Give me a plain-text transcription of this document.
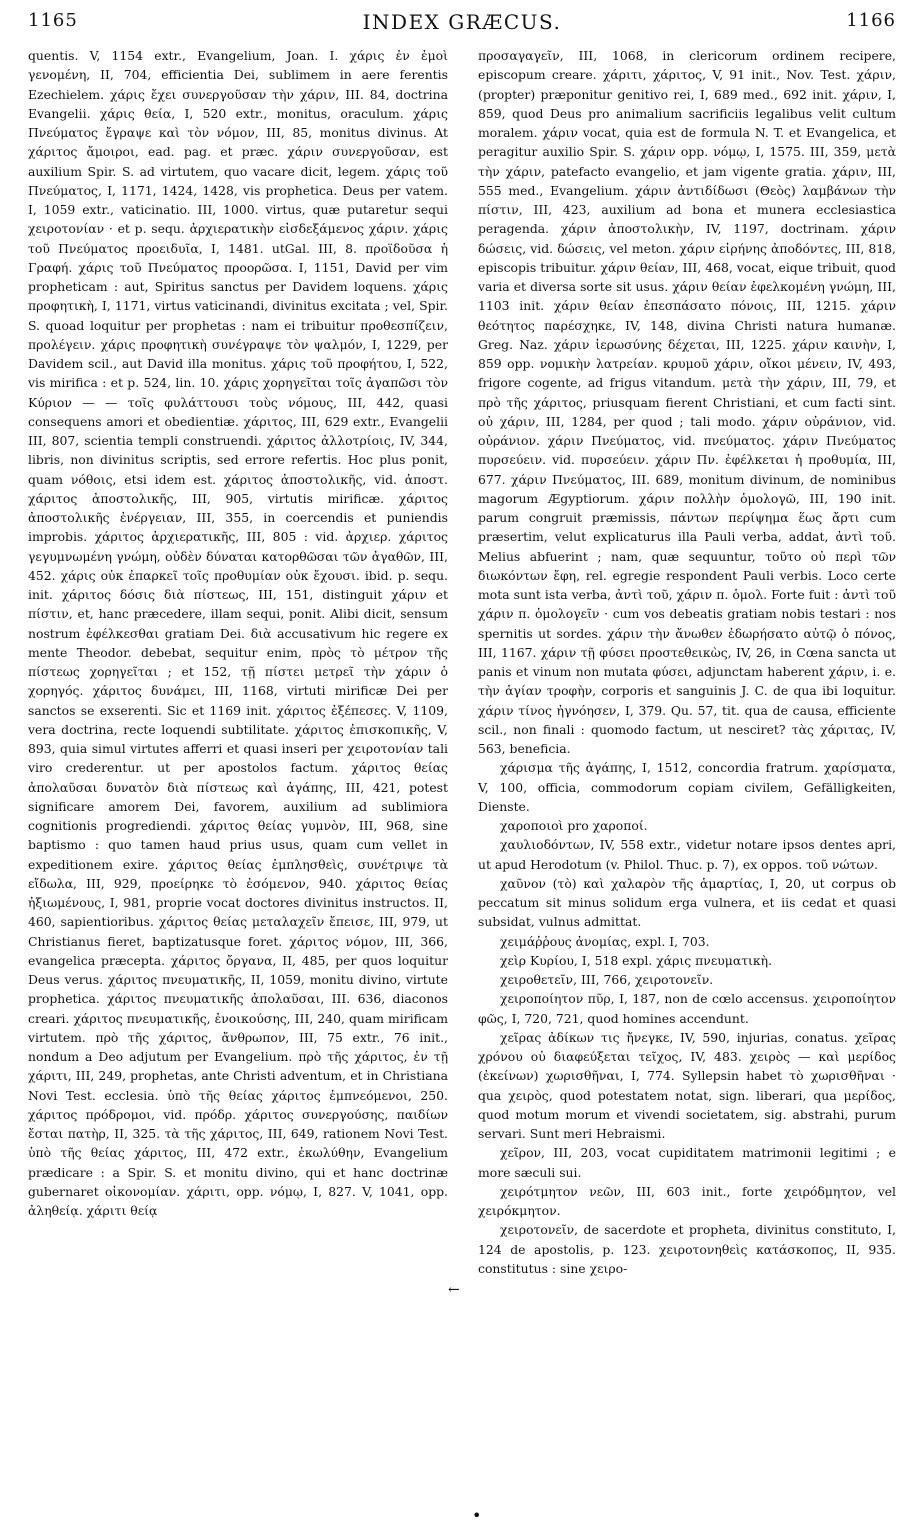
1165	INDEX GRÆCUS.	1166

quentis. V, 1154 extr., Evangelium, Joan. I. χάρις ἐν ἐμοὶ γενομένη, II, 704, efficientia Dei, sublimem in aere ferentis Ezechielem. χάρις ἔχει συνεργοῦσαν τὴν χάριν, III. 84, doctrina Evangelii. χάρις θεία, I, 520 extr., monitus, oraculum. χάρις Πνεύματος ἔγραψε καὶ τὸν νόμον, III, 85, monitus divinus. At χάριτος ἄμοιροι, ead. pag. et præc. χάριν συνεργοῦσαν, est auxilium Spir. S. ad virtutem, quo vacare dicit, legem. χάρις τοῦ Πνεύματος, I, 1171, 1424, 1428, vis prophetica. Deus per vatem. I, 1059 extr., vaticinatio. III, 1000. virtus, quæ putaretur sequi χειροτονίαν · et p. sequ. ἀρχιερατικὴν εἰσδεξάμενος χάριν. χάρις τοῦ Πνεύματος προειδυῖα, I, 1481. utGal. III, 8. προϊδοῦσα ἡ Γραφή. χάρις τοῦ Πνεύματος προορῶσα. I, 1151, David per vim propheticam : aut, Spiritus sanctus per Davidem loquens. χάρις προφητικὴ, I, 1171, virtus vaticinandi, divinitus excitata ; vel, Spir. S. quoad loquitur per prophetas : nam ei tribuitur προθεσπίζειν, προλέγειν. χάρις προφητικὴ συνέγραψε τὸν ψαλμόν, I, 1229, per Davidem scil., aut David illa monitus. χάρις τοῦ προφήτου, I, 522, vis mirifica : et p. 524, lin. 10. χάρις χορηγεῖται τοῖς ἀγαπῶσι τὸν Κύριον — — τοῖς φυλάττουσι τοὺς νόμους, III, 442, quasi consequens amori et obedientiæ. χάριτος, III, 629 extr., Evangelii III, 807, scientia templi construendi. χάριτος ἀλλοτρίοις, IV, 344, libris, non divinitus scriptis, sed errore refertis. Hoc plus ponit, quam νόθοις, etsi idem est. χάριτος ἀποστολικῆς, vid. ἀποστ. χάριτος ἀποστολικῆς, III, 905, virtutis mirificæ. χάριτος ἀποστολικῆς ἐνέργειαν, III, 355, in coercendis et puniendis improbis. χάριτος ἀρχιερατικῆς, III, 805 : vid. ἀρχιερ. χάριτος γεγυμνωμένη γνώμη, οὐδὲν δύναται κατορθῶσαι τῶν ἀγαθῶν, III, 452. χάρις οὐκ ἐπαρκεῖ τοῖς προθυμίαν οὐκ ἔχουσι. ibid. p. sequ. init. χάριτος δόσις διὰ πίστεως, III, 151, distinguit χάριν et πίστιν, et, hanc præcedere, illam sequi, ponit. Alibi dicit, sensum nostrum ἐφέλκεσθαι gratiam Dei. διὰ accusativum hic regere ex mente Theodor. debebat, sequitur enim, πρὸς τὸ μέτρον τῆς πίστεως χορηγεῖται ; et 152, τῇ πίστει μετρεῖ τὴν χάριν ὁ χορηγός. χάριτος δυνάμει, III, 1168, virtuti mirificæ Dei per sanctos se exserenti. Sic et 1169 init. χάριτος ἐξέπεσες. V, 1109, vera doctrina, recte loquendi subtilitate. χάριτος ἐπισκοπικῆς, V, 893, quia simul virtutes afferri et quasi inseri per χειροτονίαν tali viro crederentur. ut per apostolos factum. χάριτος θείας ἀπολαῦσαι δυνατὸν διὰ πίστεως καὶ ἀγάπης, III, 421, potest significare amorem Dei, favorem, auxilium ad sublimiora cognitionis progrediendi. χάριτος θείας γυμνὸν, III, 968, sine baptismo : quo tamen haud prius usus, quam cum vellet in expeditionem exire. χάριτος θείας ἐμπλησθεὶς, συνέτριψε τὰ εἴδωλα, III, 929, προείρηκε τὸ ἐσόμενον, 940. χάριτος θείας ἠξιωμένους, I, 981, proprie vocat doctores divinitus instructos. II, 460, sapientioribus. χάριτος θείας μεταλαχεῖν ἔπεισε, III, 979, ut Christianus fieret, baptizatusque foret. χάριτος νόμον, III, 366, evangelica præcepta. χάριτος ὄργανα, II, 485, per quos loquitur Deus verus. χάριτος πνευματικῆς, II, 1059, monitu divino, virtute prophetica. χάριτος πνευματικῆς ἀπολαῦσαι, III. 636, diaconos creari. χάριτος πνευματικῆς, ἐνοικούσης, III, 240, quam mirificam virtutem. πρὸ τῆς χάριτος, ἄνθρωπον, III, 75 extr., 76 init., nondum a Deo adjutum per Evangelium. πρὸ τῆς χάριτος, ἐν τῇ χάριτι, III, 249, prophetas, ante Christi adventum, et in Christiana Novi Test. ecclesia. ὑπὸ τῆς θείας χάριτος ἐμπνεόμενοι, 250. χάριτος πρόδρομοι, vid. πρόδρ. χάριτος συνεργούσης, παιδίων ἔσται πατὴρ, II, 325. τὰ τῆς χάριτος, III, 649, rationem Novi Test. ὑπὸ τῆς θείας χάριτος, III, 472 extr., ἐκωλύθην, Evangelium prædicare : a Spir. S. et monitu divino, qui et hanc doctrinæ gubernaret οἰκονομίαν. χάριτι, opp. νόμῳ, I, 827. V, 1041, opp. ἀληθείᾳ. χάριτι θείᾳ

προσαγαγεῖν, III, 1068, in clericorum ordinem recipere, episcopum creare. χάριτι, χάριτος, V, 91 init., Nov. Test. χάριν, (propter) præponitur genitivo rei, I, 689 med., 692 init. χάριν, I, 859, quod Deus pro animalium sacrificiis legalibus velit cultum moralem. χάριν vocat, quia est de formula N. T. et Evangelica, et peragitur auxilio Spir. S. χάριν opp. νόμῳ, I, 1575. III, 359, μετὰ τὴν χάριν, patefacto evangelio, et jam vigente gratia. χάριν, III, 555 med., Evangelium. χάριν ἀντιδίδωσι (Θεὸς) λαμβάνων τὴν πίστιν, III, 423, auxilium ad bona et munera ecclesiastica peragenda. χάριν ἀποστολικὴν, IV, 1197, doctrinam. χάριν δώσεις, vid. δώσεις, vel meton. χάριν εἰρήνης ἀποδόντες, III, 818, episcopis tribuitur. χάριν θείαν, III, 468, vocat, eique tribuit, quod varia et diversa sorte sit usus. χάριν θείαν ἐφελκομένη γνώμη, III, 1103 init. χάριν θείαν ἐπεσπάσατο πόνοις, III, 1215. χάριν θεότητος παρέσχηκε, IV, 148, divina Christi natura humanæ. Greg. Naz. χάριν ἱερωσύνης δέχεται, III, 1225. χάριν καινὴν, I, 859 opp. νομικὴν λατρείαν. κρυμοῦ χάριν, οἴκοι μένειν, IV, 493, frigore cogente, ad frigus vitandum. μετὰ τὴν χάριν, III, 79, et πρὸ τῆς χάριτος, priusquam fierent Christiani, et cum facti sint. οὐ χάριν, III, 1284, per quod ; tali modo. χάριν οὐράνιον, vid. οὐράνιον. χάριν Πνεύματος, vid. πνεύματος. χάριν Πνεύματος πυρσεύειν. vid. πυρσεύειν. χάριν Πν. ἐφέλκεται ἡ προθυμία, III, 677. χάριν Πνεύματος, III. 689, monitum divinum, de nominibus magorum Ægyptiorum. χάριν πολλὴν ὁμολογῶ, III, 190 init. parum congruit præmissis, πάντων περίψημα ἕως ἄρτι cum præsertim, velut explicaturus illa Pauli verba, addat, ἀντὶ τοῦ. Melius abfuerint ; nam, quæ sequuntur, τοῦτο οὐ περὶ τῶν διωκόντων ἔφη, rel. egregie respondent Pauli verbis. Loco certe mota sunt ista verba, ἀντὶ τοῦ, χάριν π. ὁμολ. Forte fuit : ἀντὶ τοῦ χάριν π. ὁμολογεῖν · cum vos debeatis gratiam nobis testari : nos spernitis ut sordes. χάριν τὴν ἄνωθεν ἐδωρήσατο αὐτῷ ὁ πόνος, III, 1167. χάριν τῇ φύσει προστεθεικὼς, IV, 26, in Cœna sancta ut panis et vinum non mutata φύσει, adjunctam haberent χάριν, i. e. τὴν ἁγίαν τροφὴν, corporis et sanguinis J. C. de qua ibi loquitur. χάριν τίνος ἠγνόησεν, I, 379. Qu. 57, tit. qua de causa, efficiente scil., non finali : quomodo factum, ut nesciret? τὰς χάριτας, IV, 563, beneficia.

χάρισμα τῆς ἀγάπης, I, 1512, concordia fratrum. χαρίσματα, V, 100, officia, commodorum copiam civilem, Gefälligkeiten, Dienste.

χαροποιοὶ pro χαροποί.

χαυλιοδόντων, IV, 558 extr., videtur notare ipsos dentes apri, ut apud Herodotum (v. Philol. Thuc. p. 7), ex oppos. τοῦ νώτων.

χαῦνον (τὸ) καὶ χαλαρὸν τῆς ἁμαρτίας, I, 20, ut corpus ob peccatum sit minus solidum erga vulnera, et iis cedat et quasi subsidat, vulnus admittat.

χειμάῤῥους ἀνομίας, expl. I, 703.

χεὶρ Κυρίου, I, 518 expl. χάρις πνευματικὴ.

χειροθετεῖν, III, 766, χειροτονεῖν.

χειροποίητον πῦρ, I, 187, non de cœlo accensus. χειροποίητον φῶς, I, 720, 721, quod homines accendunt.

χεῖρας ἀδίκων τις ἤνεγκε, IV, 590, injurias, conatus. χεῖρας χρόνου οὐ διαφεύξεται τεῖχος, IV, 483. χειρὸς — καὶ μερίδος (ἐκείνων) χωρισθῆναι, I, 774. Syllepsin habet τὸ χωρισθῆναι · qua χειρὸς, quod potestatem notat, sign. liberari, qua μερίδος, quod motum morum et vivendi societatem, sig. abstrahi, purum servari. Sunt meri Hebraismi.

χεῖρον, III, 203, vocat cupiditatem matrimonii legitimi ; e more sæculi sui.

χειρότμητον νεῶν, III, 603 init., forte χειρόδμητον, vel χειρόκμητον.

χειροτονεῖν, de sacerdote et propheta, divinitus constituto, I, 124 de apostolis, p. 123. χειροτονηθεὶς κατάσκοπος, II, 935. constitutus : sine χειρο-

←
•
